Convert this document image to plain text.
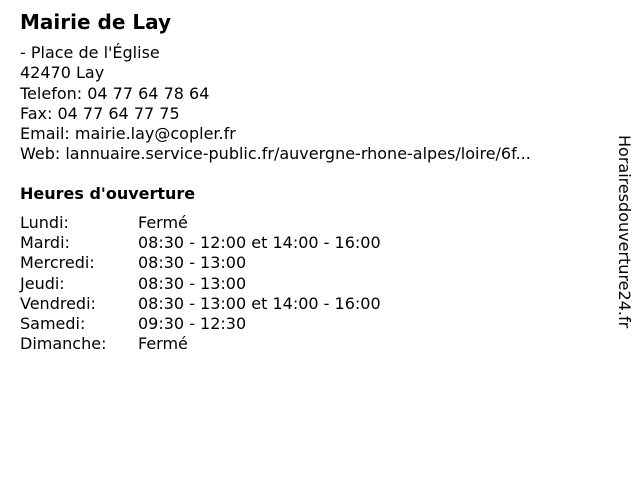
Mairie de Lay
- Place de l'Église
42470 Lay
Telefon: 04 77 64 78 64
Fax: 04 77 64 77 75
Email: mairie.lay@copler.fr
Web: lannuaire.service-public.fr/auvergne-rhone-alpes/loire/6f...
Heures d'ouverture
Lundi:	Fermé
Mardi:	08:30 - 12:00 et 14:00 - 16:00
Mercredi:	08:30 - 13:00
Jeudi:	08:30 - 13:00
Vendredi:	08:30 - 13:00 et 14:00 - 16:00
Samedi:	09:30 - 12:30
Dimanche: Fermé
Horairesdouverture24.fr
